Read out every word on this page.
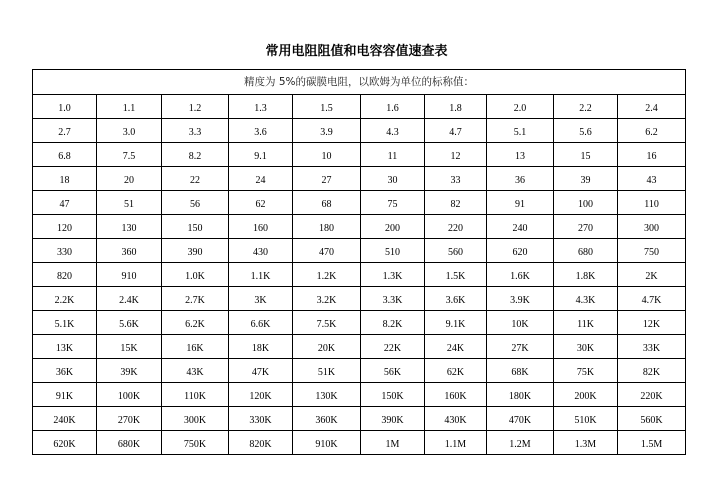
常用电阻阻值和电容容值速查表
精度为 5%的碳膜电阻，以欧姆为单位的标称值：									
1.0	1.1	1.2	1.3	1.5	1.6	1.8	2.0	2.2	2.4
2.7	3.0	3.3	3.6	3.9	4.3	4.7	5.1	5.6	6.2
6.8	7.5	8.2	9.1	10	11	12	13	15	16
18	20	22	24	27	30	33	36	39	43
47	51	56	62	68	75	82	91	100	110
120	130	150	160	180	200	220	240	270	300
330	360	390	430	470	510	560	620	680	750
820	910	1.0K	1.1K	1.2K	1.3K	1.5K	1.6K	1.8K	2K
2.2K	2.4K	2.7K	3K	3.2K	3.3K	3.6K	3.9K	4.3K	4.7K
5.1K	5.6K	6.2K	6.6K	7.5K	8.2K	9.1K	10K	11K	12K
13K	15K	16K	18K	20K	22K	24K	27K	30K	33K
36K	39K	43K	47K	51K	56K	62K	68K	75K	82K
91K	100K	110K	120K	130K	150K	160K	180K	200K	220K
240K	270K	300K	330K	360K	390K	430K	470K	510K	560K
620K	680K	750K	820K	910K	1M	1.1M	1.2M	1.3M	1.5M
